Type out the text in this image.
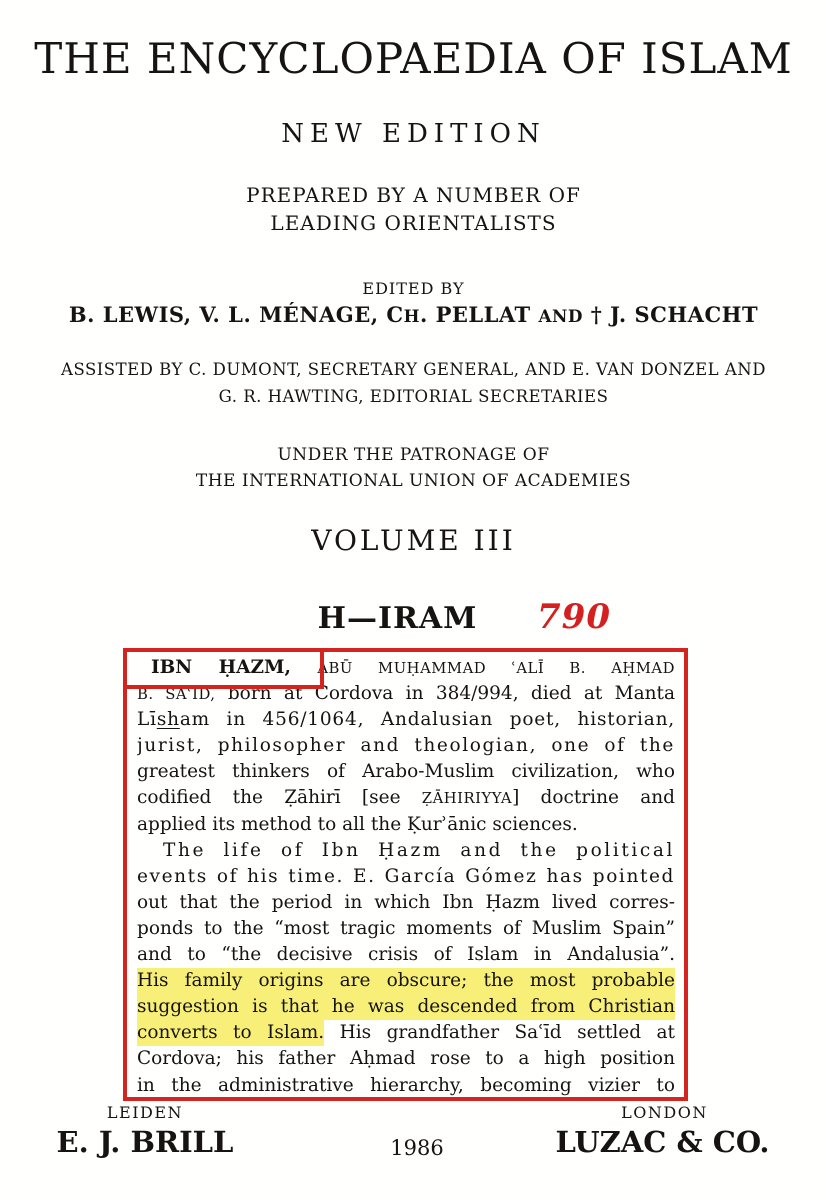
THE ENCYCLOPAEDIA OF ISLAM
NEW EDITION
PREPARED BY A NUMBER OF
LEADING ORIENTALISTS
EDITED BY
B. LEWIS, V. L. MÉNAGE, CH. PELLAT AND † J. SCHACHT
ASSISTED BY C. DUMONT, SECRETARY GENERAL, AND E. VAN DONZEL AND
G. R. HAWTING, EDITORIAL SECRETARIES
UNDER THE PATRONAGE OF
THE INTERNATIONAL UNION OF ACADEMIES
VOLUME III
H—IRAM	790
IBN ḤAZM, ABŪ MUḤAMMAD ʿALĪ B. AḤMAD
B. SAʿĪD, born at Cordova in 384/994, died at Manta
Līsham in 456/1064, Andalusian poet, historian,
jurist, philosopher and theologian, one of the
greatest thinkers of Arabo-Muslim civilization, who
codified the Ẓāhirī [see ẒĀHIRIYYA] doctrine and
applied its method to all the Ḳurʾānic sciences.
The life of Ibn Ḥazm and the political
events of his time. E. García Gómez has pointed
out that the period in which Ibn Ḥazm lived corres-
ponds to the “most tragic moments of Muslim Spain”
and to “the decisive crisis of Islam in Andalusia”.
His family origins are obscure; the most probable
suggestion is that he was descended from Christian
converts to Islam. His grandfather Saʿīd settled at
Cordova; his father Aḥmad rose to a high position
in the administrative hierarchy, becoming vizier to
LEIDEN
E. J. BRILL	1986
LONDON
LUZAC & CO.
